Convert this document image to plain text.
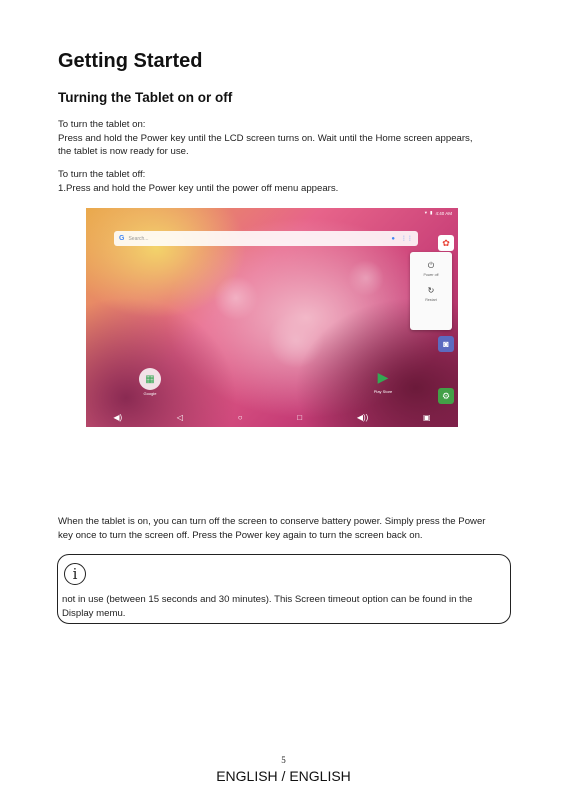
Getting Started
Turning the Tablet on or off

To turn the tablet on:

Press and hold the Power key until the LCD screen turns on. Wait until the Home screen appears,

the tablet is now ready for use.

To turn the tablet off:

1.Press and hold the Power key until the power off menu appears.

▾ ▮ 4:40 AM
G Search...	● ⋮⋮	✿
⏻
Power off
↻
Restart
◙
▦
Google
▶
Play Store	⚙
◀)	◁	○	□	◀))	▣

When the tablet is on, you can turn off the screen to conserve battery power. Simply press the Power

key once to turn the screen off. Press the Power key again to turn the screen back on.

i
not in use (between 15 seconds and 30 minutes). This Screen timeout option can be found in the
Display memu.
5
ENGLISH / ENGLISH
